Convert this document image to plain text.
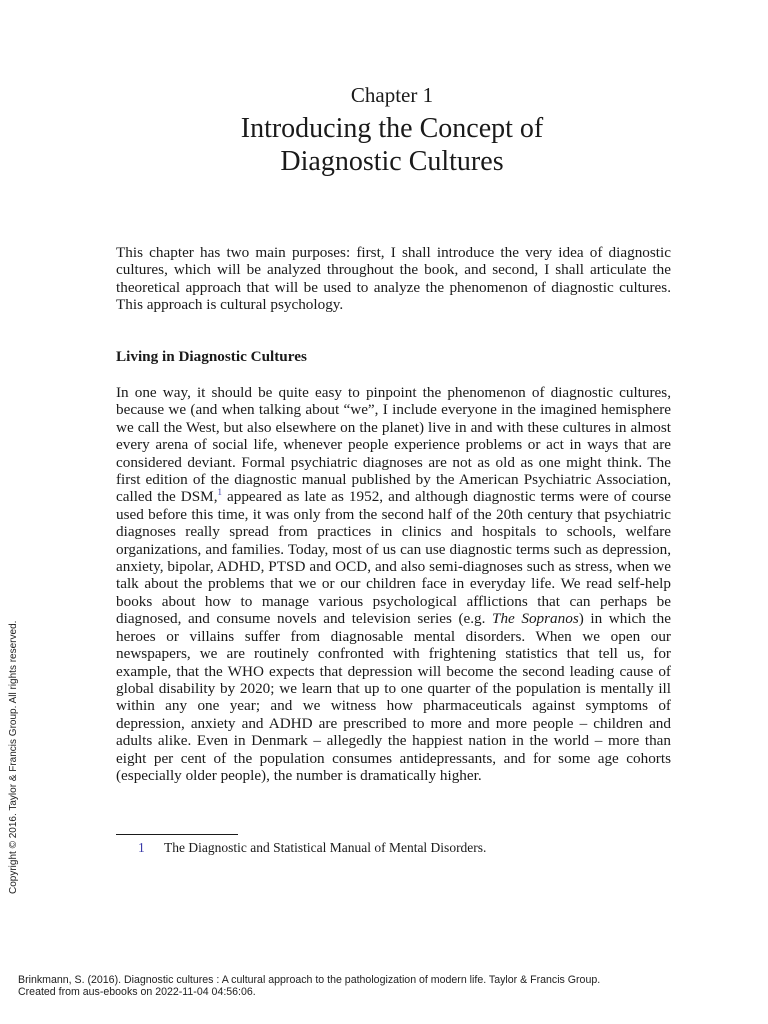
Chapter 1
Introducing the Concept of
Diagnostic Cultures

This chapter has two main purposes: first, I shall introduce the very idea of diagnostic cultures, which will be analyzed throughout the book, and second, I shall articulate the theoretical approach that will be used to analyze the phenomenon of diagnostic cultures. This approach is cultural psychology.

Living in Diagnostic Cultures

In one way, it should be quite easy to pinpoint the phenomenon of diagnostic cultures, because we (and when talking about “we”, I include everyone in the imagined hemisphere we call the West, but also elsewhere on the planet) live in and with these cultures in almost every arena of social life, whenever people experience problems or act in ways that are considered deviant. Formal psychiatric diagnoses are not as old as one might think. The first edition of the diagnostic manual published by the American Psychiatric Association, called the DSM,$^1$ appeared as late as 1952, and although diagnostic terms were of course used before this time, it was only from the second half of the 20th century that psychiatric diagnoses really spread from practices in clinics and hospitals to schools, welfare organizations, and families. Today, most of us can use diagnostic terms such as depression, anxiety, bipolar, ADHD, PTSD and OCD, and also semi-diagnoses such as stress, when we talk about the problems that we or our children face in everyday life. We read self-help books about how to manage various psychological afflictions that can perhaps be diagnosed, and consume novels and television series (e.g. The Sopranos) in which the heroes or villains suffer from diagnosable mental disorders. When we open our newspapers, we are routinely confronted with frightening statistics that tell us, for example, that the WHO expects that depression will become the second leading cause of global disability by 2020; we learn that up to one quarter of the population is mentally ill within any one year; and we witness how pharmaceuticals against symptoms of depression, anxiety and ADHD are prescribed to more and more people – children and adults alike. Even in Denmark – allegedly the happiest nation in the world – more than eight per cent of the population consumes antidepressants, and for some age cohorts (especially older people), the number is dramatically higher.

1 The Diagnostic and Statistical Manual of Mental Disorders.
Copyright © 2016. Taylor & Francis Group. All rights reserved.
Brinkmann, S. (2016). Diagnostic cultures : A cultural approach to the pathologization of modern life. Taylor & Francis Group.
Created from aus-ebooks on 2022-11-04 04:56:06.
